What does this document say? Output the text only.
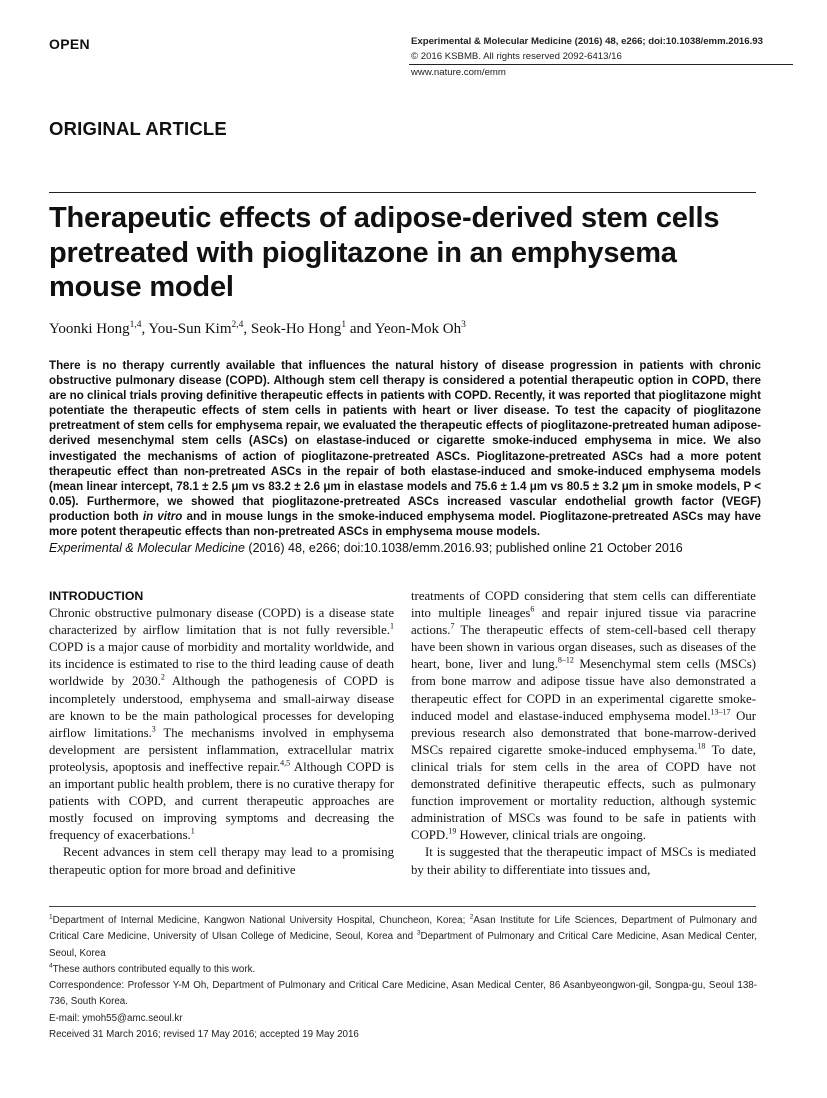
OPEN	Experimental & Molecular Medicine (2016) 48, e266; doi:10.1038/emm.2016.93
© 2016 KSBMB. All rights reserved 2092-6413/16
www.nature.com/emm
ORIGINAL ARTICLE
Therapeutic effects of adipose-derived stem cells pretreated with pioglitazone in an emphysema mouse model
Yoonki Hong$^{1,4}$, You-Sun Kim$^{2,4}$, Seok-Ho Hong$^1$ and Yeon-Mok Oh$^3$

There is no therapy currently available that influences the natural history of disease progression in patients with chronic obstructive pulmonary disease (COPD). Although stem cell therapy is considered a potential therapeutic option in COPD, there are no clinical trials proving definitive therapeutic effects in patients with COPD. Recently, it was reported that pioglitazone might potentiate the therapeutic effects of stem cells in patients with heart or liver disease. To test the capacity of pioglitazone pretreatment of stem cells for emphysema repair, we evaluated the therapeutic effects of pioglitazone-pretreated human adipose-derived mesenchymal stem cells (ASCs) on elastase-induced or cigarette smoke-induced emphysema in mice. We also investigated the mechanisms of action of pioglitazone-pretreated ASCs. Pioglitazone-pretreated ASCs had a more potent therapeutic effect than non-pretreated ASCs in the repair of both elastase-induced and smoke-induced emphysema models (mean linear intercept, 78.1 ± 2.5 μm vs 83.2 ± 2.6 μm in elastase models and 75.6 ± 1.4 μm vs 80.5 ± 3.2 μm in smoke models, P < 0.05). Furthermore, we showed that pioglitazone-pretreated ASCs increased vascular endothelial growth factor (VEGF) production both in vitro and in mouse lungs in the smoke-induced emphysema model. Pioglitazone-pretreated ASCs may have more potent therapeutic effects than non-pretreated ASCs in emphysema mouse models.

Experimental & Molecular Medicine (2016) 48, e266; doi:10.1038/emm.2016.93; published online 21 October 2016
INTRODUCTION

Chronic obstructive pulmonary disease (COPD) is a disease state characterized by airflow limitation that is not fully reversible.$^1$ COPD is a major cause of morbidity and mortality worldwide, and its incidence is estimated to rise to the third leading cause of death worldwide by 2030.$^2$ Although the pathogenesis of COPD is incompletely understood, emphysema and small-airway disease are known to be the main pathological processes for developing airflow limitations.$^3$ The mechanisms involved in emphysema development are persistent inflammation, extracellular matrix proteolysis, apoptosis and ineffective repair.$^{4,5}$ Although COPD is an important public health problem, there is no curative therapy for patients with COPD, and current therapeutic approaches are mostly focused on improving symptoms and decreasing the frequency of exacerbations.$^1$

Recent advances in stem cell therapy may lead to a promising therapeutic option for more broad and definitive

treatments of COPD considering that stem cells can differentiate into multiple lineages$^6$ and repair injured tissue via paracrine actions.$^7$ The therapeutic effects of stem-cell-based cell therapy have been shown in various organ diseases, such as diseases of the heart, bone, liver and lung.$^{8-12}$ Mesenchymal stem cells (MSCs) from bone marrow and adipose tissue have also demonstrated a therapeutic effect for COPD in an experimental cigarette smoke-induced model and elastase-induced emphysema model.$^{13-17}$ Our previous research also demonstrated that bone-marrow-derived MSCs repaired cigarette smoke-induced emphysema.$^{18}$ To date, clinical trials for stem cells in the area of COPD have not demonstrated definitive therapeutic effects, such as pulmonary function improvement or mortality reduction, although systemic administration of MSCs was found to be safe in patients with COPD.$^{19}$ However, clinical trials are ongoing.

It is suggested that the therapeutic impact of MSCs is mediated by their ability to differentiate into tissues and,

$^1$Department of Internal Medicine, Kangwon National University Hospital, Chuncheon, Korea; $^2$Asan Institute for Life Sciences, Department of Pulmonary and Critical Care Medicine, University of Ulsan College of Medicine, Seoul, Korea and $^3$Department of Pulmonary and Critical Care Medicine, Asan Medical Center, Seoul, Korea

$^4$These authors contributed equally to this work.

Correspondence: Professor Y-M Oh, Department of Pulmonary and Critical Care Medicine, Asan Medical Center, 86 Asanbyeongwon-gil, Songpa-gu, Seoul 138-736, South Korea.

E-mail: ymoh55@amc.seoul.kr

Received 31 March 2016; revised 17 May 2016; accepted 19 May 2016
